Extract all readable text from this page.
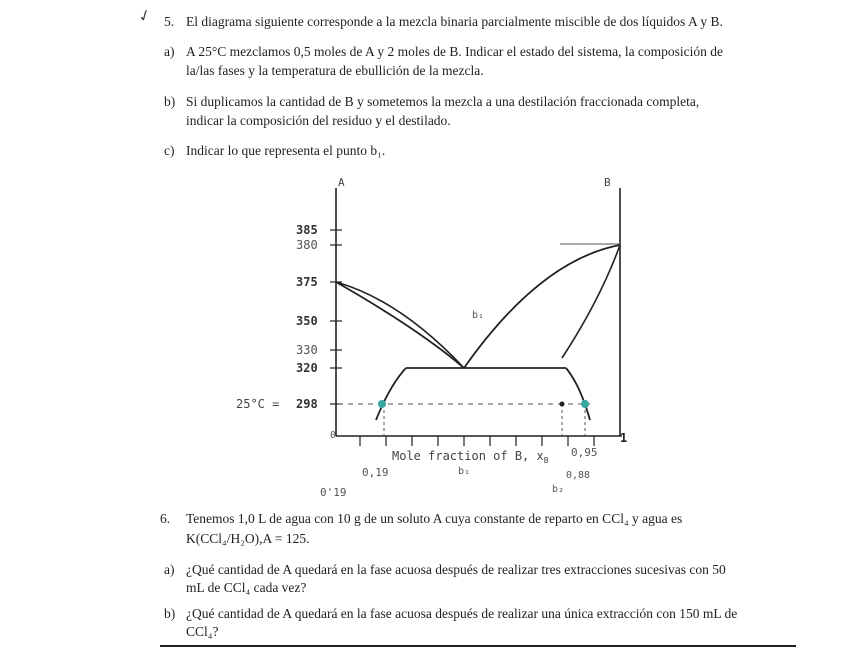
✓ 5. El diagrama siguiente corresponde a la mezcla binaria parcialmente miscible de dos líquidos A y B.
a) A 25°C mezclamos 0,5 moles de A y 2 moles de B. Indicar el estado del sistema, la composición de
la/las fases y la temperatura de ebullición de la mezcla.
b) Si duplicamos la cantidad de B y sometemos la mezcla a una destilación fraccionada completa,
indicar la composición del residuo y el destilado.
c) Indicar lo que representa el punto b₁.
A	B
385
380
375
350
330
320
298
25°C =
0	1
Mole fraction of B, $x_B$
b₁
0,19	b₁
0,95
0,88
b₂
0'19
6. Tenemos 1,0 L de agua con 10 g de un soluto A cuya constante de reparto en CCl₄ y agua es
K(CCl₄/H₂O),A = 125.
a) ¿Qué cantidad de A quedará en la fase acuosa después de realizar tres extracciones sucesivas con 50
mL de CCl₄ cada vez?
b) ¿Qué cantidad de A quedará en la fase acuosa después de realizar una única extracción con 150 mL de
CCl₄?
